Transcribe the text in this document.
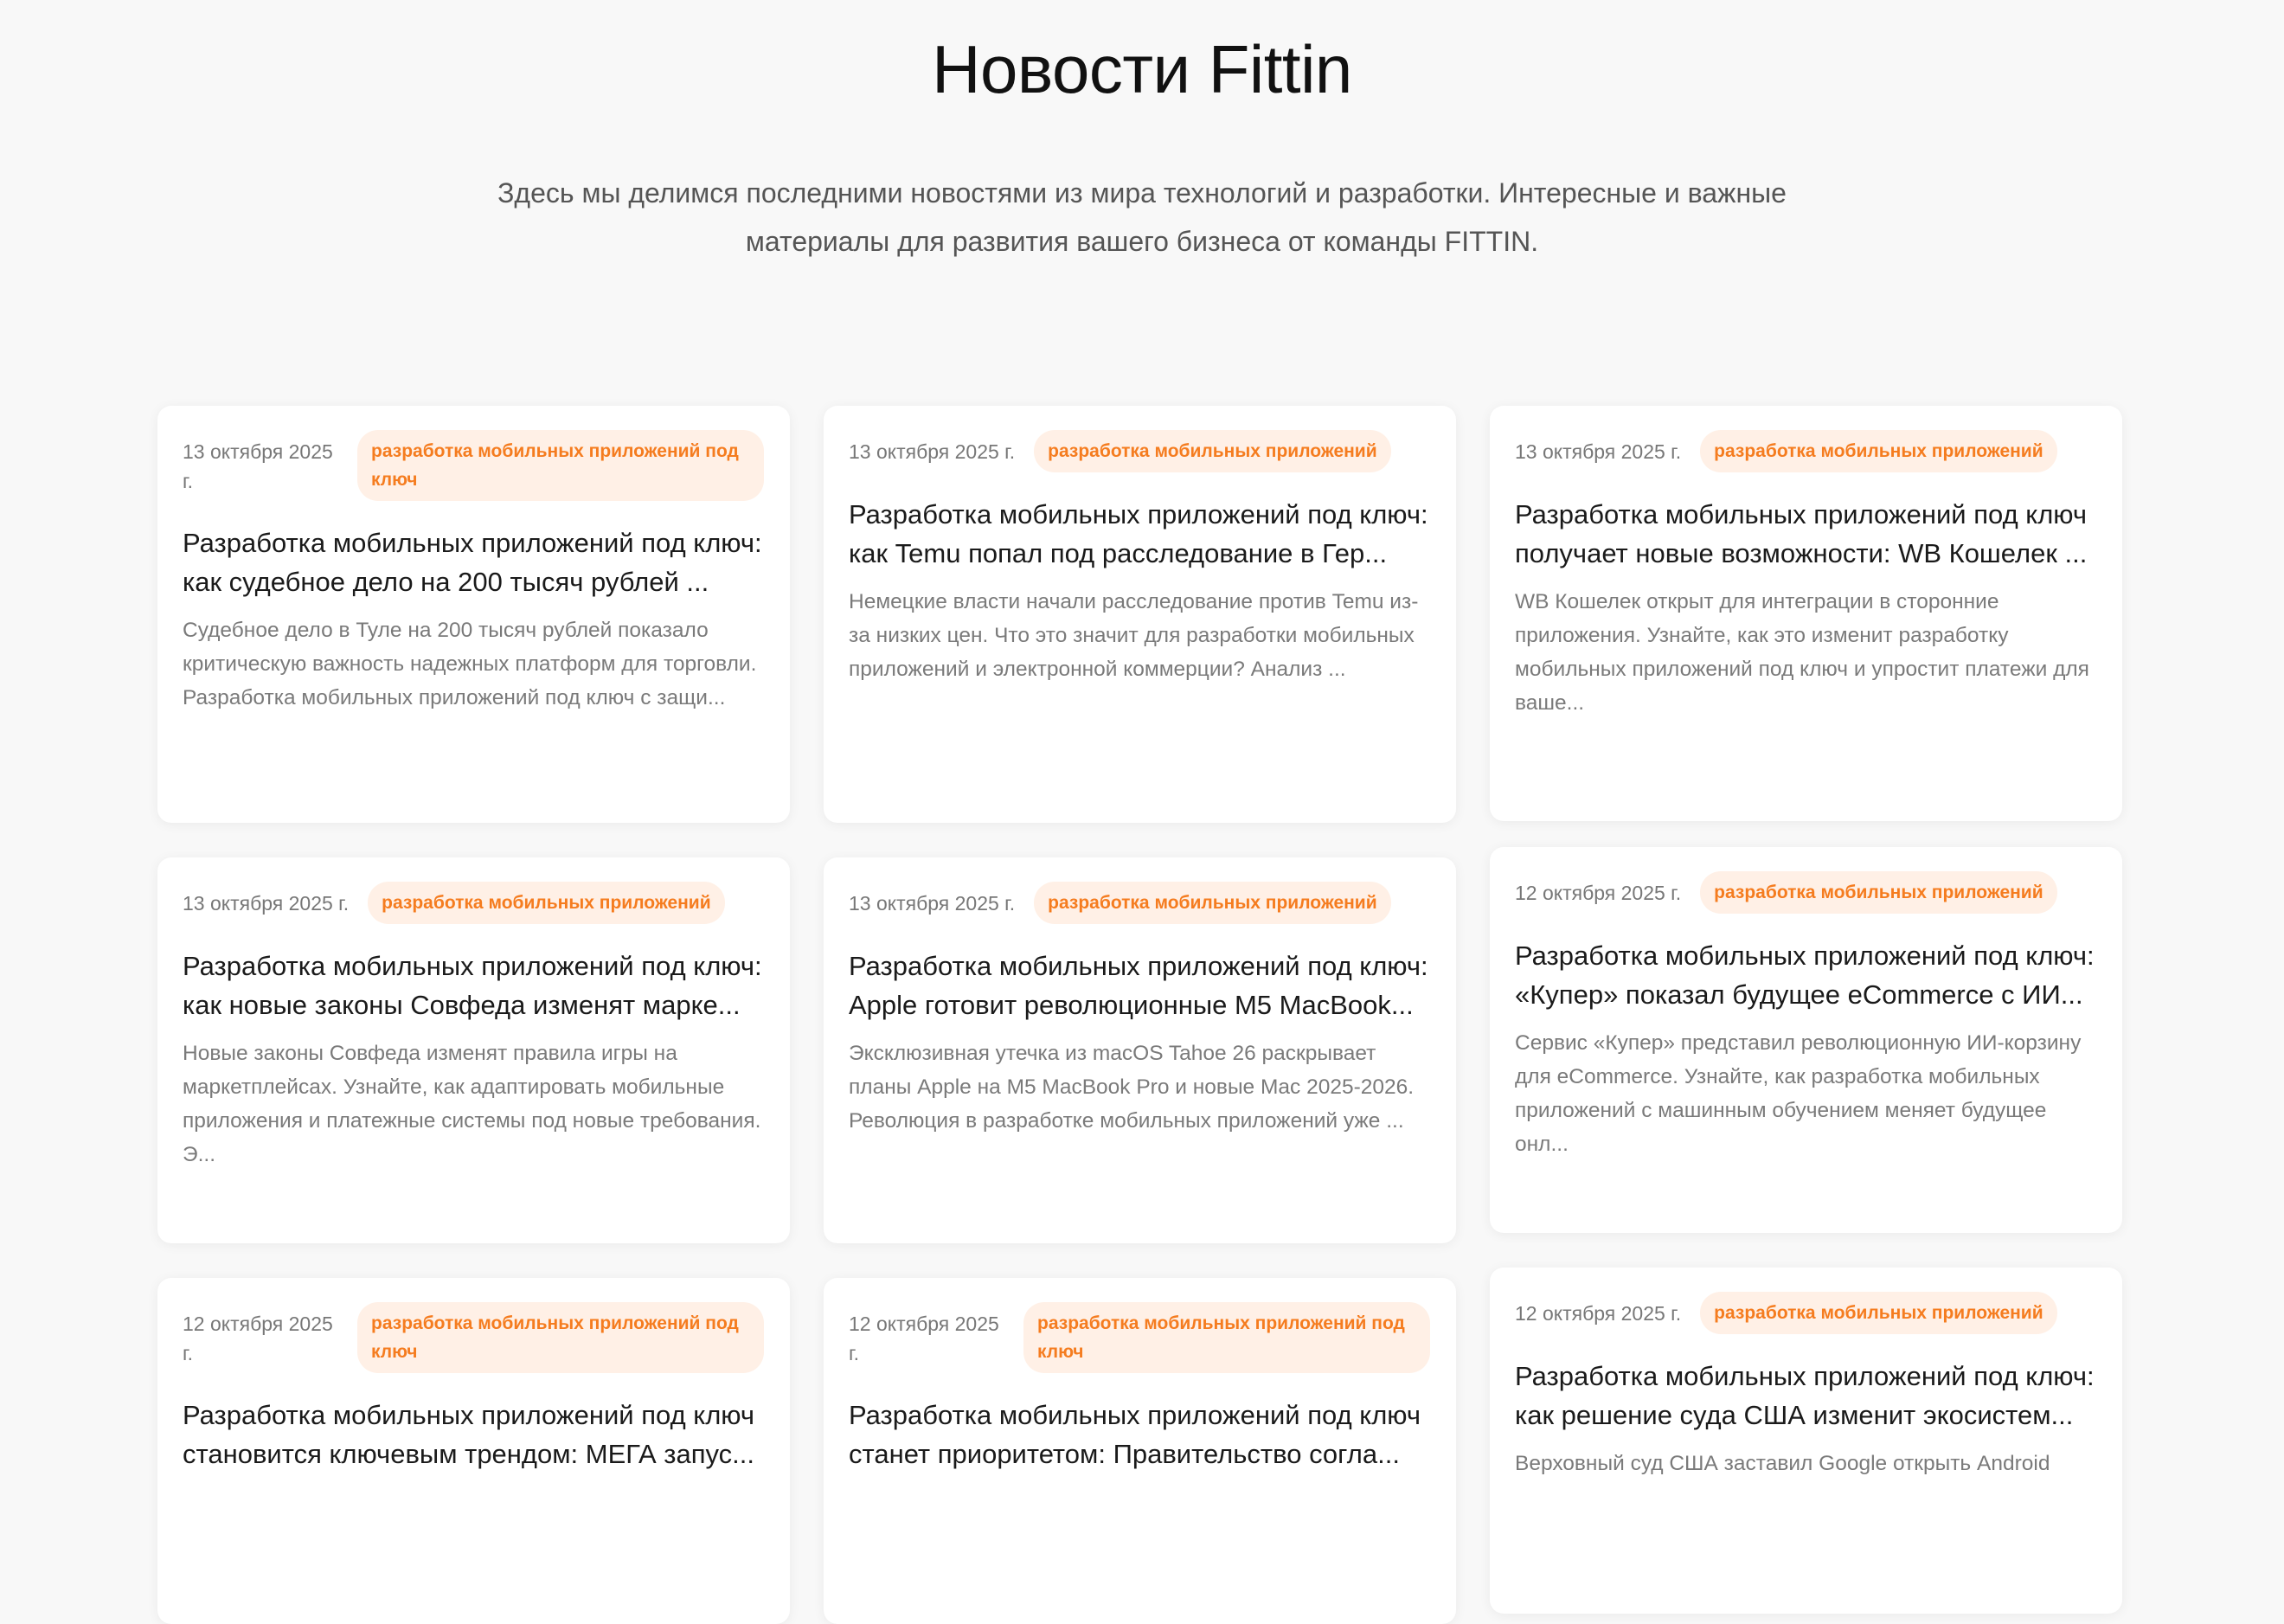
Новости Fittin

Здесь мы делимся последними новостями из мира технологий и разработки. Интересные и важные материалы для развития вашего бизнеса от команды FITTIN.

13 октября 2025 г.
разработка мобильных приложений под ключ
Разработка мобильных приложений под ключ: как судебное дело на 200 тысяч рублей ...

Судебное дело в Туле на 200 тысяч рублей показало критическую важность надежных платформ для торговли. Разработка мобильных приложений под ключ с защи...

13 октября 2025 г.	разработка мобильных приложений
Разработка мобильных приложений под ключ: как новые законы Совфеда изменят марке...

Новые законы Совфеда изменят правила игры на маркетплейсах. Узнайте, как адаптировать мобильные приложения и платежные системы под новые требования. Э...

12 октября 2025 г.
разработка мобильных приложений под ключ
Разработка мобильных приложений под ключ становится ключевым трендом: МЕГА запус...

13 октября 2025 г.	разработка мобильных приложений
Разработка мобильных приложений под ключ: как Temu попал под расследование в Гер...

Немецкие власти начали расследование против Temu из-за низких цен. Что это значит для разработки мобильных приложений и электронной коммерции? Анализ ...

13 октября 2025 г.	разработка мобильных приложений
Разработка мобильных приложений под ключ: Apple готовит революционные M5 MacBook...

Эксклюзивная утечка из macOS Tahoe 26 раскрывает планы Apple на M5 MacBook Pro и новые Mac 2025-2026. Революция в разработке мобильных приложений уже ...

12 октября 2025 г.
разработка мобильных приложений под ключ
Разработка мобильных приложений под ключ станет приоритетом: Правительство согла...

13 октября 2025 г.	разработка мобильных приложений
Разработка мобильных приложений под ключ получает новые возможности: WB Кошелек ...

WB Кошелек открыт для интеграции в сторонние приложения. Узнайте, как это изменит разработку мобильных приложений под ключ и упростит платежи для ваше...

12 октября 2025 г.	разработка мобильных приложений
Разработка мобильных приложений под ключ: «Купер» показал будущее eCommerce с ИИ...

Сервис «Купер» представил революционную ИИ-корзину для eCommerce. Узнайте, как разработка мобильных приложений с машинным обучением меняет будущее онл...

12 октября 2025 г.	разработка мобильных приложений
Разработка мобильных приложений под ключ: как решение суда США изменит экосистем...

Верховный суд США заставил Google открыть Android
